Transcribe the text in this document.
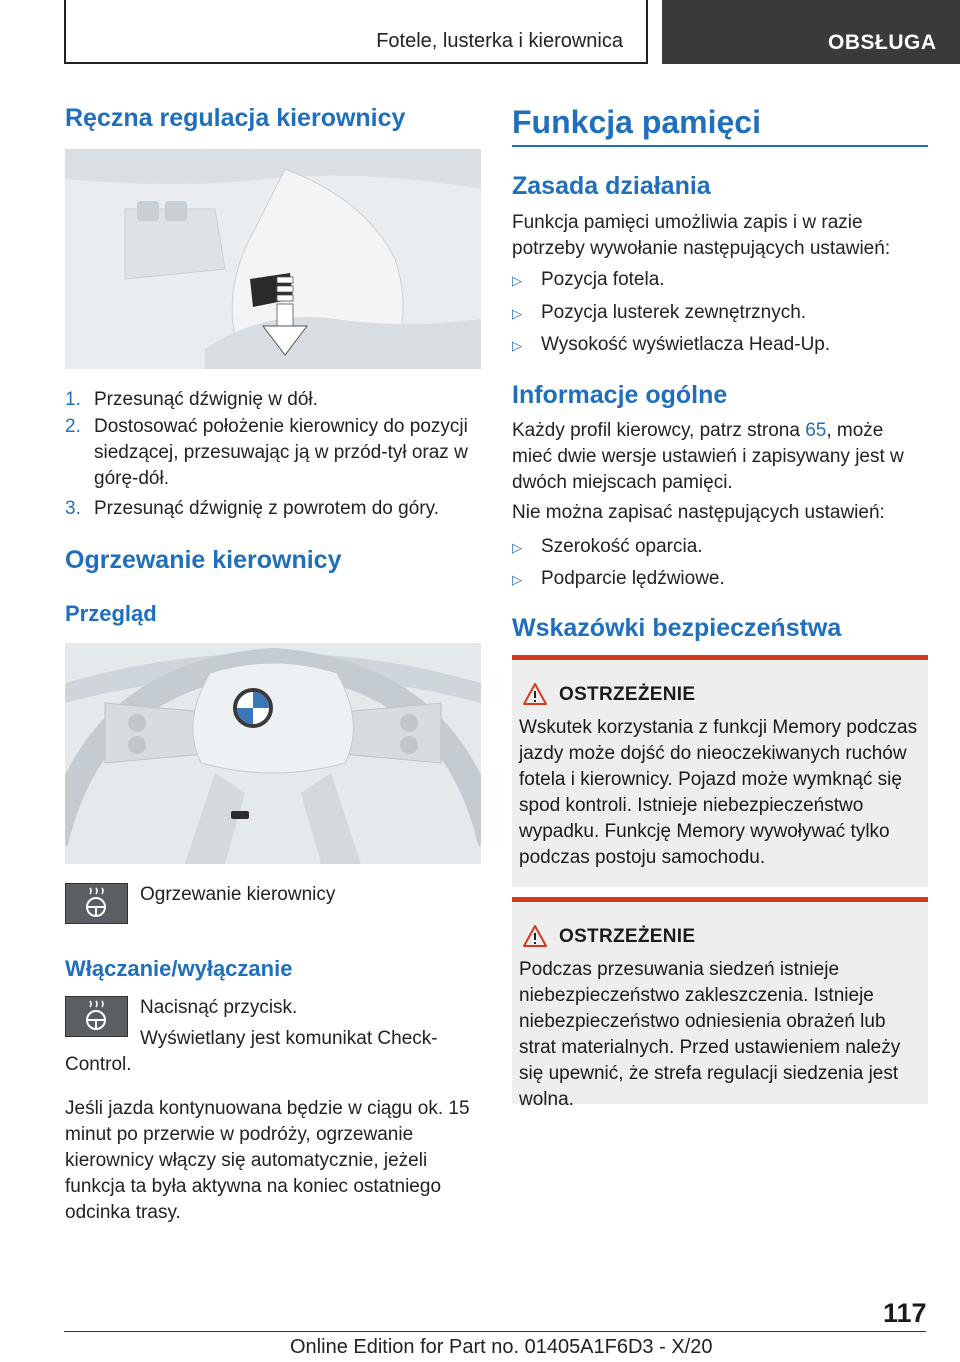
Fotele, lusterka i kierownica	OBSŁUGA
Ręczna regulacja kierownicy
1. Przesunąć dźwignię w dół.
2. Dostosować położenie kierownicy do pozycji siedzącej, przesuwając ją w przód-tył oraz w górę-dół.
3. Przesunąć dźwignię z powrotem do góry.
Ogrzewanie kierownicy
Przegląd

Ogrzewanie kierownicy

Włączanie/wyłączanie

Nacisnąć przycisk.

Wyświetlany jest komunikat Check-Control.

Jeśli jazda kontynuowana będzie w ciągu ok. 15 minut po przerwie w podróży, ogrzewanie kierownicy włączy się automatycznie, jeżeli funkcja ta była aktywna na koniec ostatniego odcinka trasy.

Funkcja pamięci
Zasada działania

Funkcja pamięci umożliwia zapis i w razie potrzeby wywołanie następujących ustawień:

▷ Pozycja fotela.
▷ Pozycja lusterek zewnętrznych.
▷ Wysokość wyświetlacza Head-Up.
Informacje ogólne

Każdy profil kierowcy, patrz strona 65, może mieć dwie wersje ustawień i zapisywany jest w dwóch miejscach pamięci.

Nie można zapisać następujących ustawień:

▷ Szerokość oparcia.
▷ Podparcie lędźwiowe.
Wskazówki bezpieczeństwa
OSTRZEŻENIE
Wskutek korzystania z funkcji Memory podczas jazdy może dojść do nieoczekiwanych ruchów fotela i kierownicy. Pojazd może wymknąć się spod kontroli. Istnieje niebezpieczeństwo wypadku. Funkcję Memory wywoływać tylko podczas postoju samochodu.
OSTRZEŻENIE
Podczas przesuwania siedzeń istnieje niebezpieczeństwo zakleszczenia. Istnieje niebezpieczeństwo odniesienia obrażeń lub strat materialnych. Przed ustawieniem należy się upewnić, że strefa regulacji siedzenia jest wolna.
117
Online Edition for Part no. 01405A1F6D3 - X/20
